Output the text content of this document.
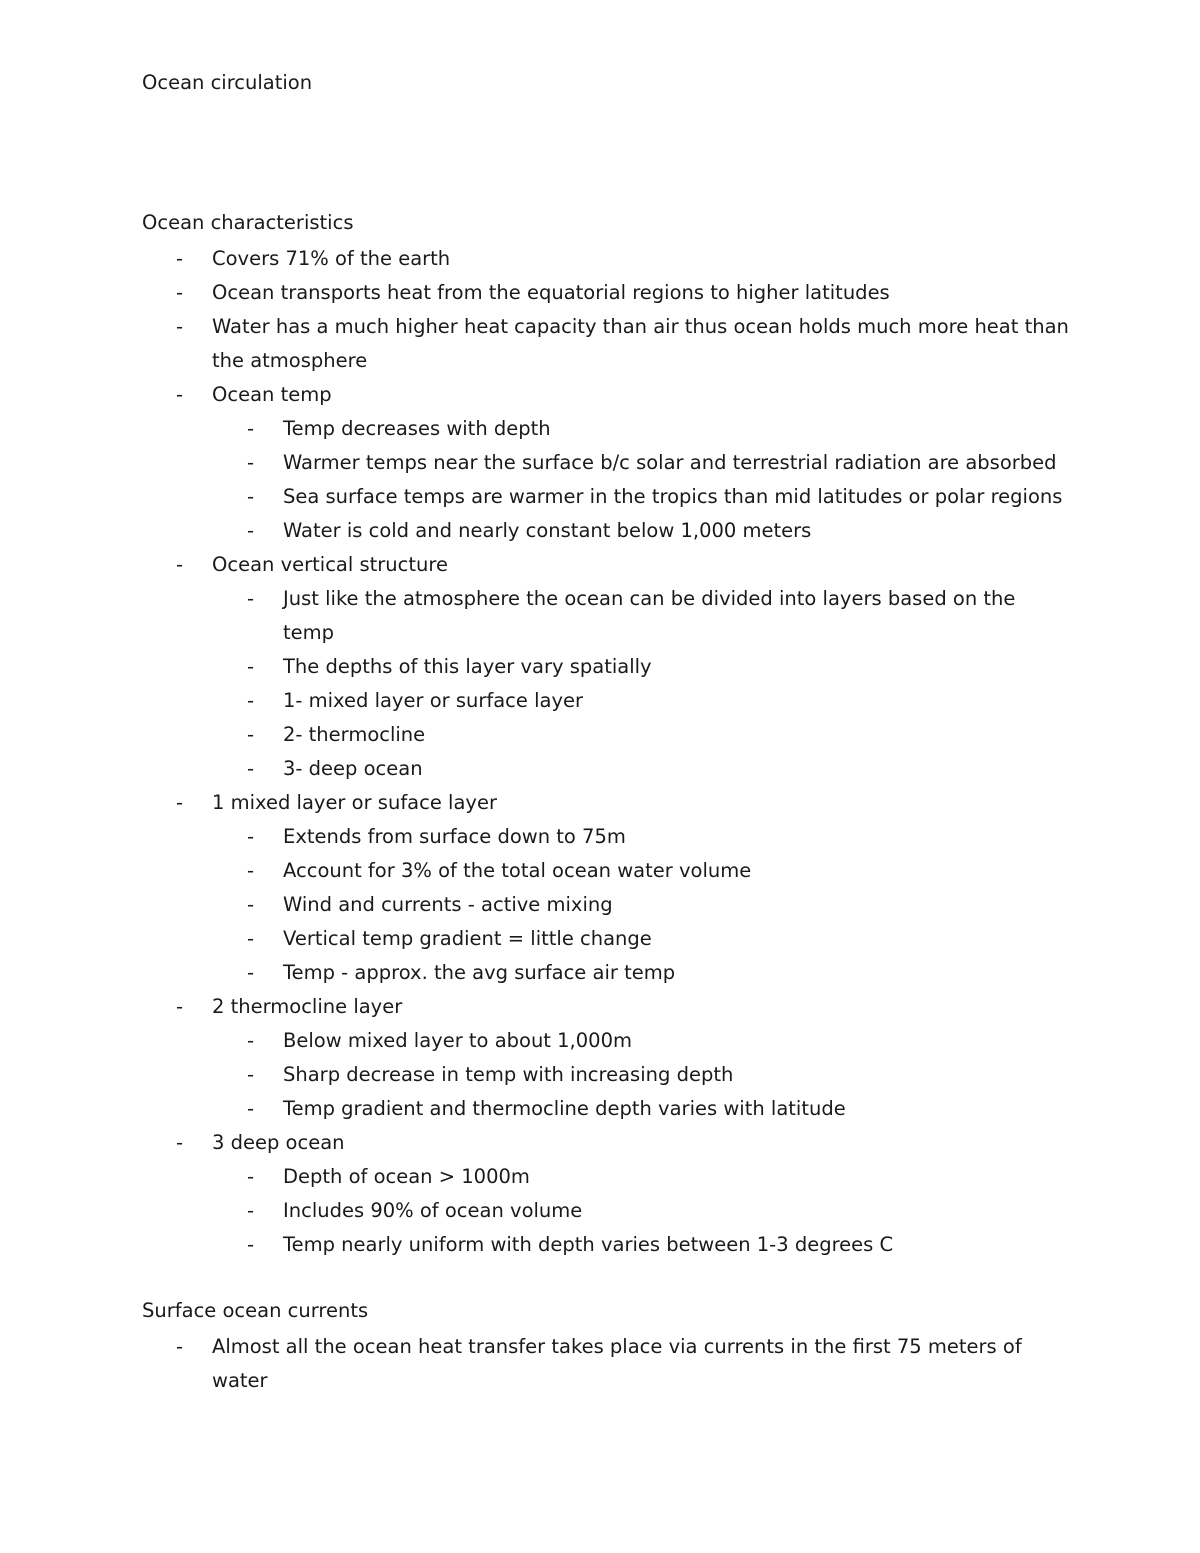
Ocean circulation
Ocean characteristics
- Covers 71% of the earth
- Ocean transports heat from the equatorial regions to higher latitudes
- Water has a much higher heat capacity than air thus ocean holds much more heat than the atmosphere
- Ocean temp
- Temp decreases with depth
- Warmer temps near the surface b/c solar and terrestrial radiation are absorbed
- Sea surface temps are warmer in the tropics than mid latitudes or polar regions
- Water is cold and nearly constant below 1,000 meters
- Ocean vertical structure
- Just like the atmosphere the ocean can be divided into layers based on the temp
- The depths of this layer vary spatially
- 1- mixed layer or surface layer
- 2- thermocline
- 3- deep ocean
- 1 mixed layer or suface layer
- Extends from surface down to 75m
- Account for 3% of the total ocean water volume
- Wind and currents - active mixing
- Vertical temp gradient = little change
- Temp - approx. the avg surface air temp
- 2 thermocline layer
- Below mixed layer to about 1,000m
- Sharp decrease in temp with increasing depth
- Temp gradient and thermocline depth varies with latitude
- 3 deep ocean
- Depth of ocean > 1000m
- Includes 90% of ocean volume
- Temp nearly uniform with depth varies between 1-3 degrees C
Surface ocean currents
- Almost all the ocean heat transfer takes place via currents in the first 75 meters of water
